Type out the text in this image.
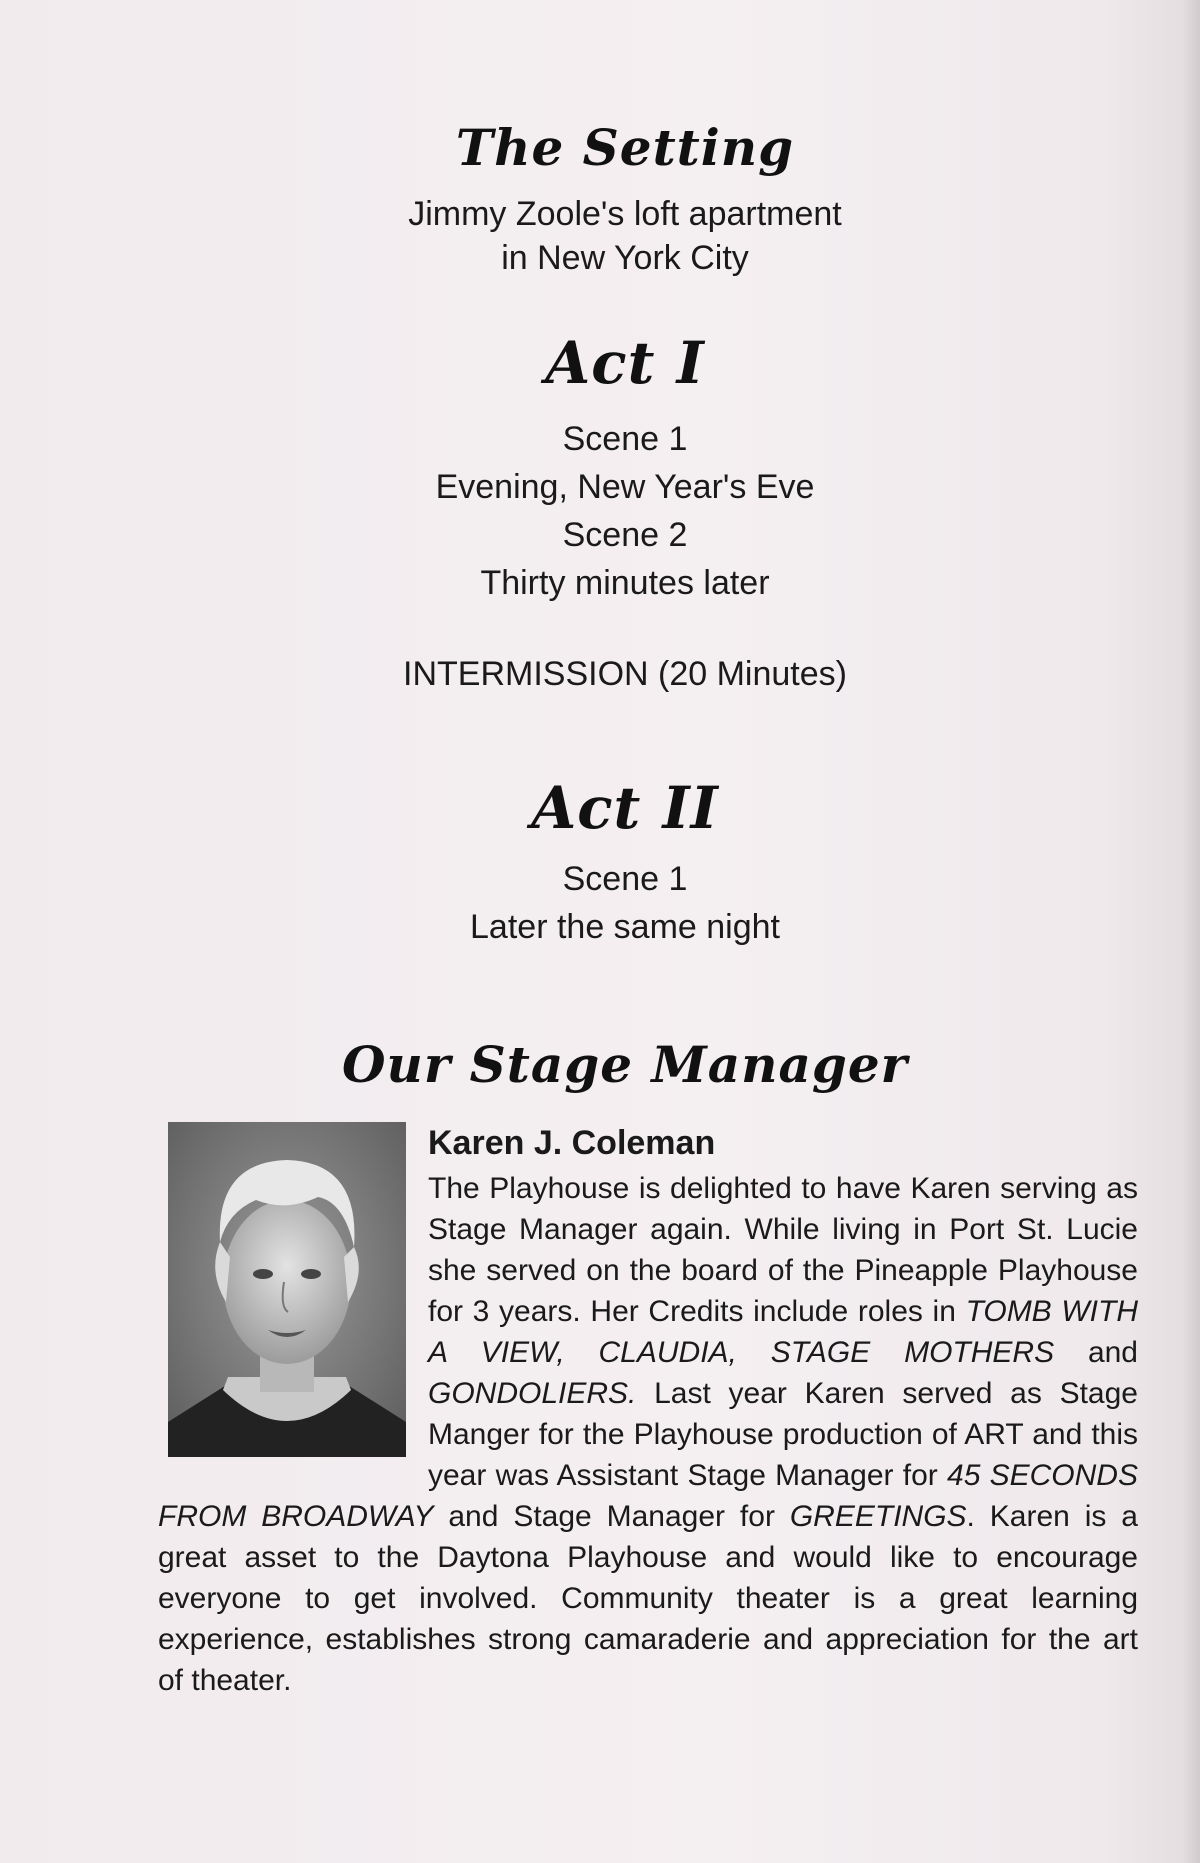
The Setting
Jimmy Zoole's loft apartment
in New York City
Act I
Scene 1
Evening, New Year's Eve
Scene 2
Thirty minutes later
INTERMISSION (20 Minutes)
Act II
Scene 1
Later the same night
Our Stage Manager
Karen J. Coleman
The Playhouse is delighted to have Karen serving as Stage Manager again. While living in Port St. Lucie she served on the board of the Pineapple Playhouse for 3 years. Her Credits include roles in TOMB WITH A VIEW, CLAUDIA, STAGE MOTHERS and GONDOLIERS. Last year Karen served as Stage Manger for the Playhouse production of ART and this year was Assistant Stage Manager for 45 SECONDS FROM BROADWAY and Stage Manager for GREETINGS. Karen is a great asset to the Daytona Playhouse and would like to encourage everyone to get involved. Community theater is a great learning experience, establishes strong camaraderie and appreciation for the art of theater.
